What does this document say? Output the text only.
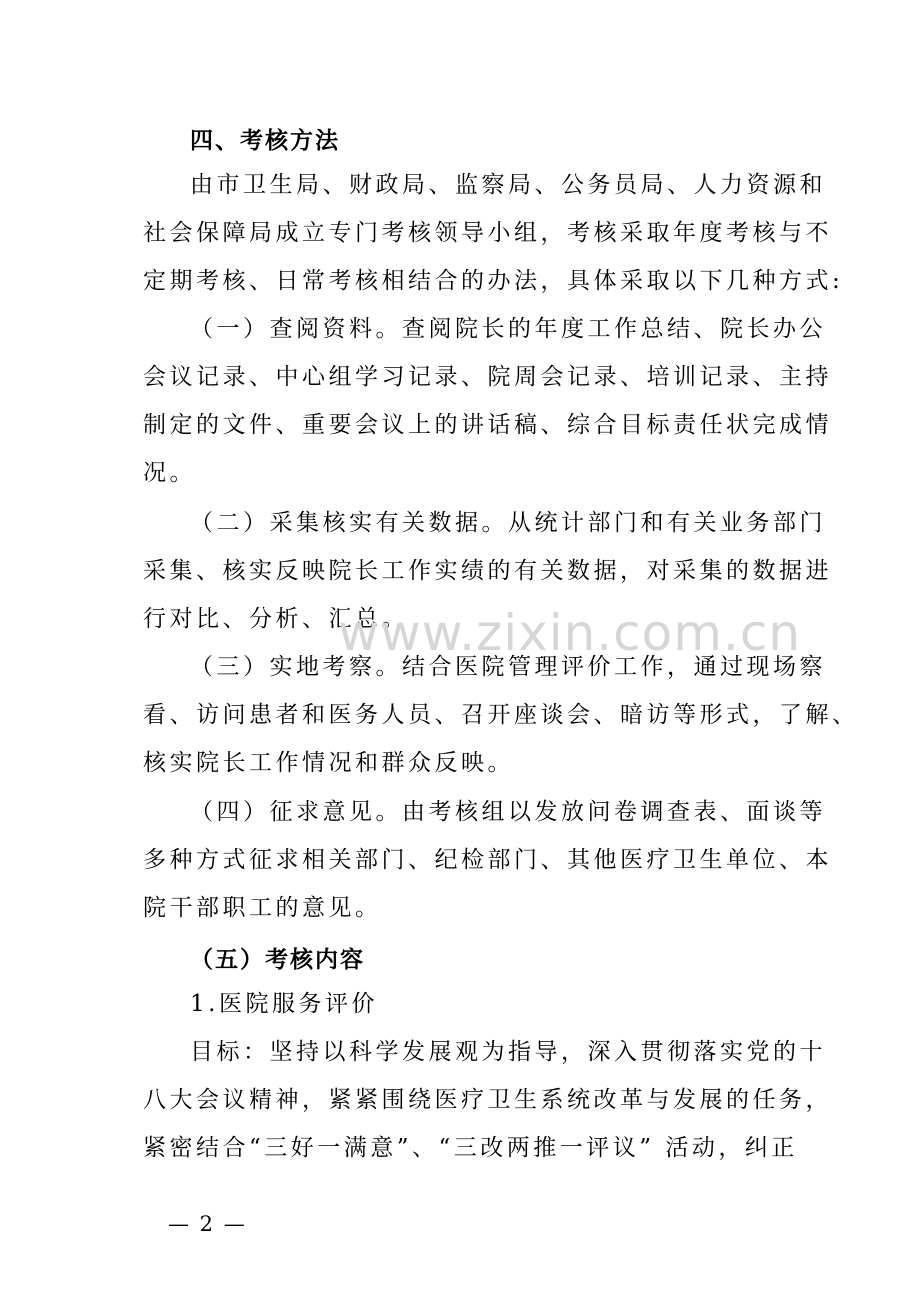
四、考核方法
由市卫生局、财政局、监察局、公务员局、人力资源和
社会保障局成立专门考核领导小组，考核采取年度考核与不
定期考核、日常考核相结合的办法，具体采取以下几种方式:
（一）查阅资料。查阅院长的年度工作总结、院长办公
会议记录、中心组学习记录、院周会记录、培训记录、主持
制定的文件、重要会议上的讲话稿、综合目标责任状完成情
况。
（二）采集核实有关数据。从统计部门和有关业务部门
采集、核实反映院长工作实绩的有关数据，对采集的数据进
行对比、分析、汇总。
（三）实地考察。结合医院管理评价工作，通过现场察
看、访问患者和医务人员、召开座谈会、暗访等形式，了解、
核实院长工作情况和群众反映。
（四）征求意见。由考核组以发放问卷调查表、面谈等
多种方式征求相关部门、纪检部门、其他医疗卫生单位、本
院干部职工的意见。
（五）考核内容
1.医院服务评价
目标：坚持以科学发展观为指导，深入贯彻落实党的十
八大会议精神，紧紧围绕医疗卫生系统改革与发展的任务，
紧密结合“三好一满意”、“三改两推一评议” 活动，纠正
www.zixin.com.cn
— 2 —
